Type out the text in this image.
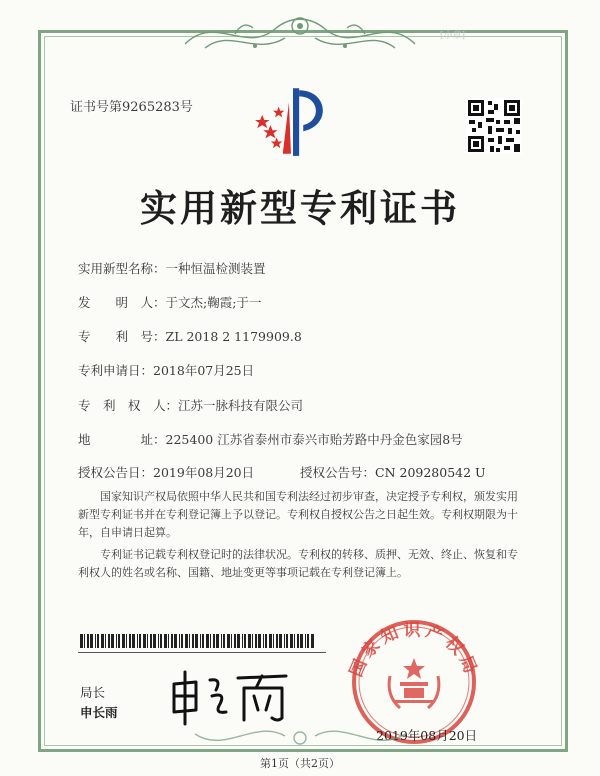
[小章]
证书号第9265283号
实用新型专利证书
实用新型名称：一种恒温检测装置
发　　明　人：于文杰;鞠霞;于一
专　　利　号：ZL 2018 2 1179909.8
专利申请日：2018年07月25日
专　利　权　人：江苏一脉科技有限公司
地　　　　址：225400 江苏省泰州市泰兴市贻芳路中丹金色家园8号
授权公告日：2019年08月20日	授权公告号：CN 209280542 U

国家知识产权局依照中华人民共和国专利法经过初步审查，决定授予专利权，颁发实用新型专利证书并在专利登记簿上予以登记。专利权自授权公告之日起生效。专利权期限为十年，自申请日起算。

专利证书记载专利权登记时的法律状况。专利权的转移、质押、无效、终止、恢复和专利权人的姓名或名称、国籍、地址变更等事项记载在专利登记簿上。

局长
申长雨
国家知识产权局
2019年08月20日
第1页（共2页）
